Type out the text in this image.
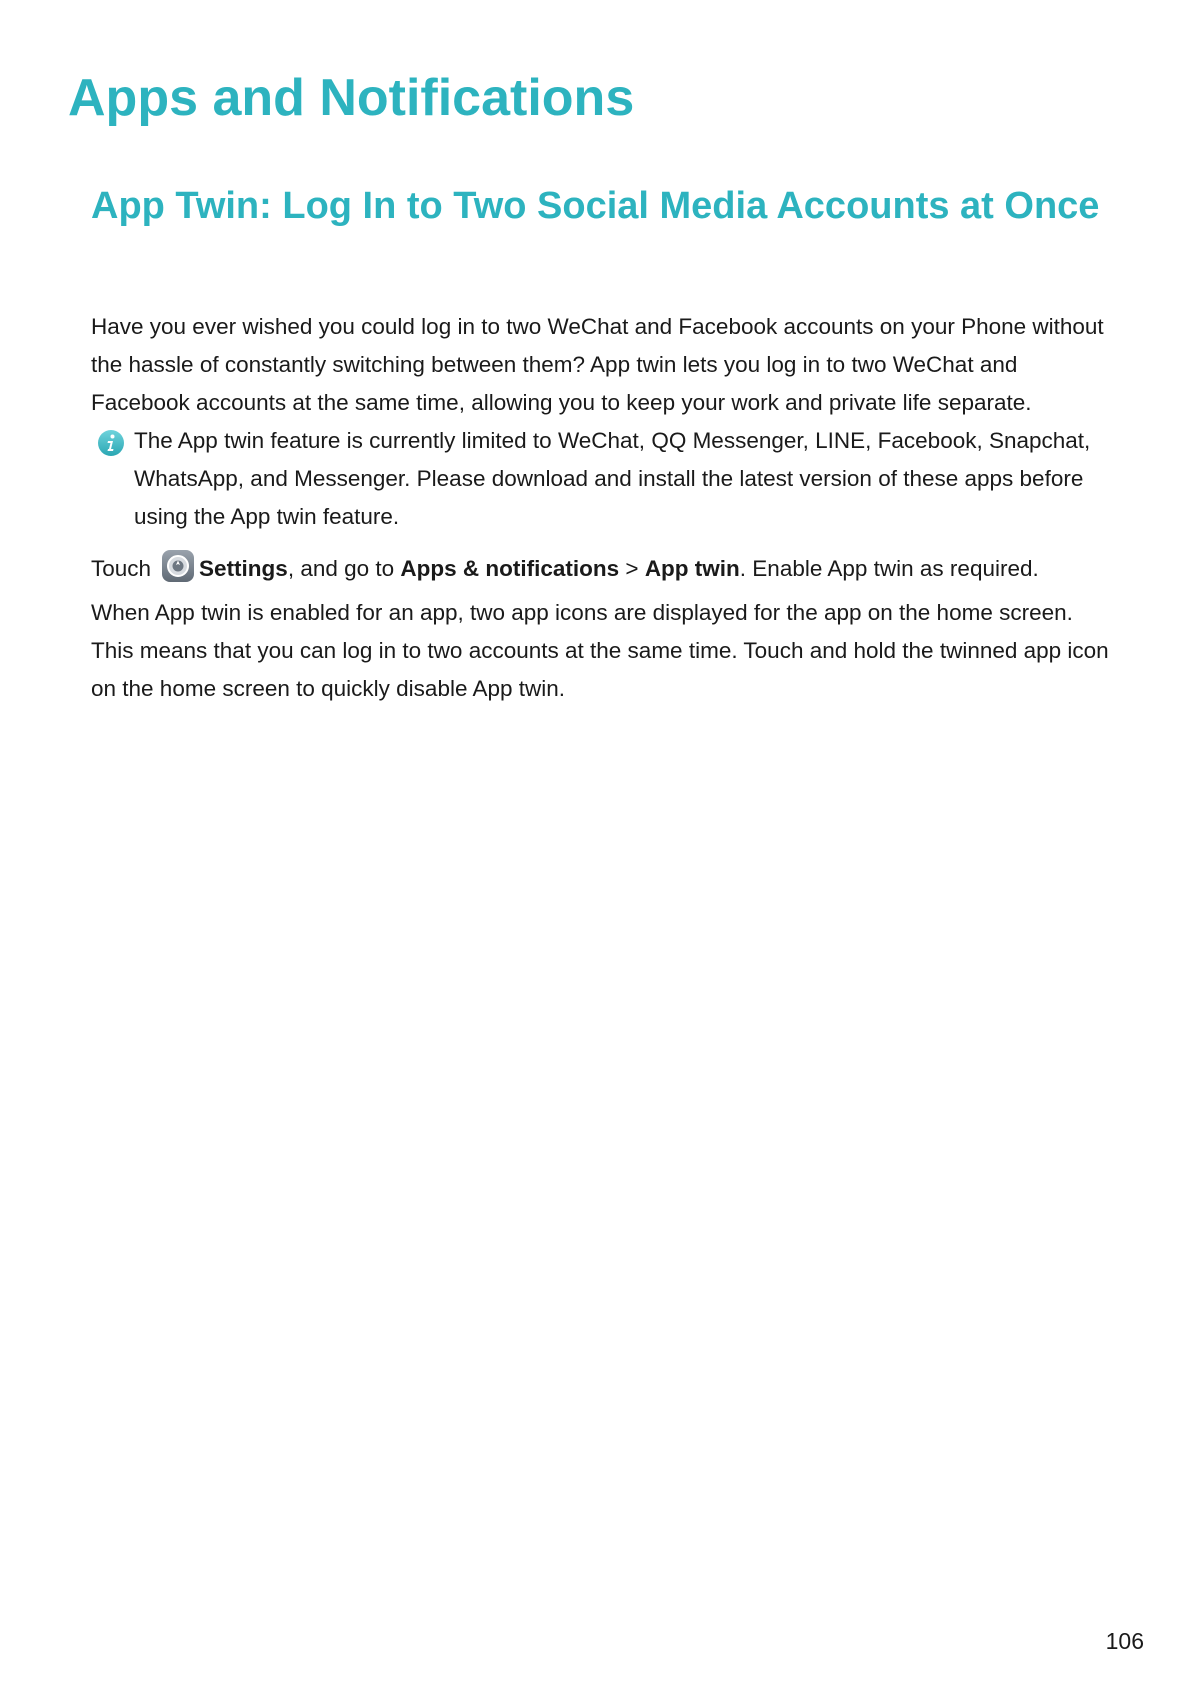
Apps and Notifications
App Twin: Log In to Two Social Media Accounts at Once

Have you ever wished you could log in to two WeChat and Facebook accounts on your Phone without the hassle of constantly switching between them? App twin lets you log in to two WeChat and Facebook accounts at the same time, allowing you to keep your work and private life separate.

The App twin feature is currently limited to WeChat, QQ Messenger, LINE, Facebook, Snapchat, WhatsApp, and Messenger. Please download and install the latest version of these apps before using the App twin feature.

Touch Settings , and go to Apps & notifications > App twin . Enable App twin as required.

When App twin is enabled for an app, two app icons are displayed for the app on the home screen. This means that you can log in to two accounts at the same time. Touch and hold the twinned app icon on the home screen to quickly disable App twin.

106
